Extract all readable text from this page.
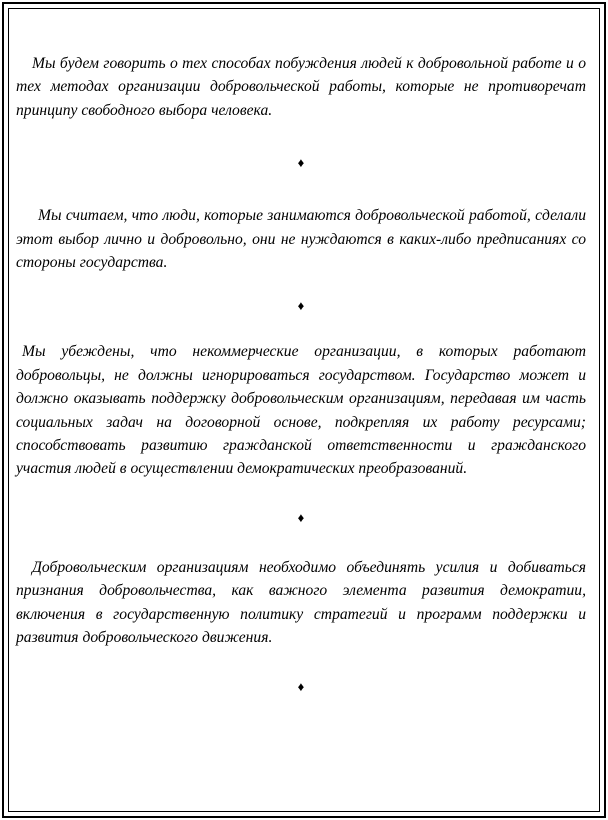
Мы будем говорить о тех способах побуждения людей к добровольной работе и о тех методах организации добровольческой работы, которые не противоречат принципу свободного выбора человека.

♦

Мы считаем, что люди, которые занимаются добровольческой работой, сделали этот выбор лично и добровольно, они не нуждаются в каких-либо предписаниях со стороны государства.

♦

Мы убеждены, что некоммерческие организации, в которых работают добровольцы, не должны игнорироваться государством. Государство может и должно оказывать поддержку добровольческим организациям, передавая им часть социальных задач на договорной основе, подкрепляя их работу ресурсами; способствовать развитию гражданской ответственности и гражданского участия людей в осуществлении демократических преобразований.

♦

Добровольческим организациям необходимо объединять усилия и добиваться признания добровольчества, как важного элемента развития демократии, включения в государственную политику стратегий и программ поддержки и развития добровольческого движения.

♦
